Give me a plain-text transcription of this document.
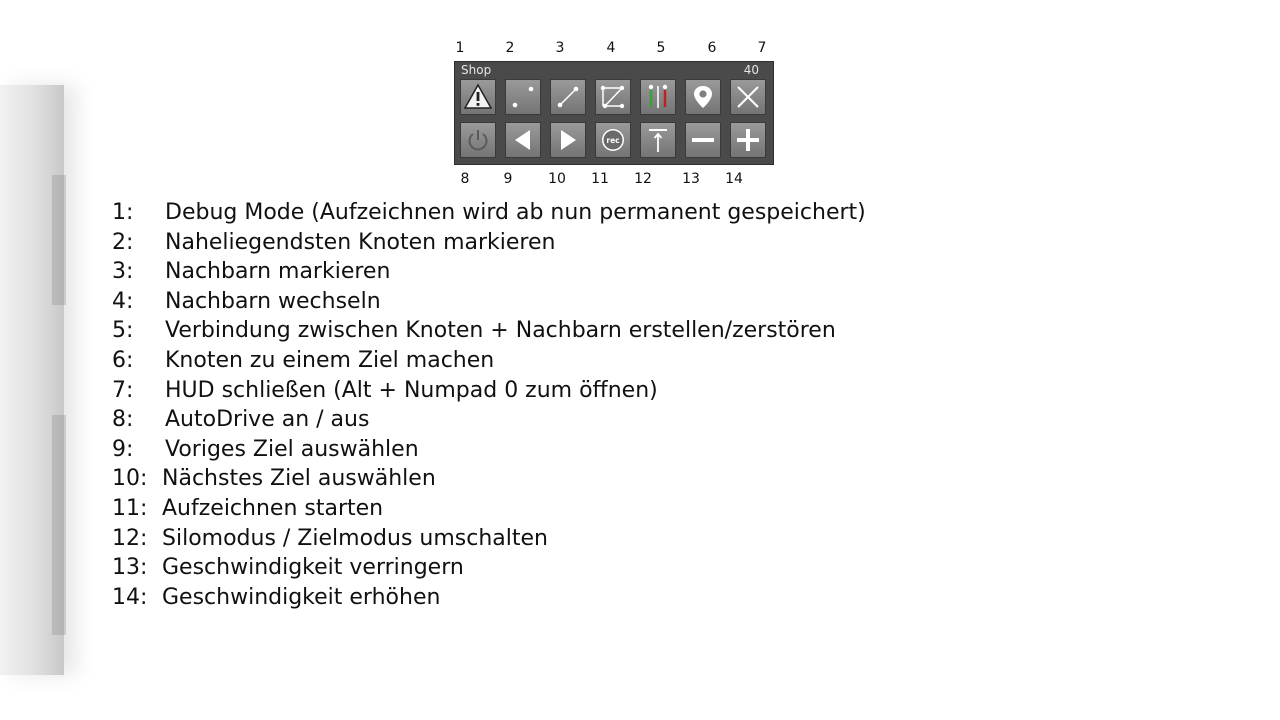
1	2	3	4	5	6	7
Shop	40
rec
8	9	10	11	12	13	14
1:	Debug Mode (Aufzeichnen wird ab nun permanent gespeichert)
2:	Naheliegendsten Knoten markieren
3:	Nachbarn markieren
4:	Nachbarn wechseln
5:	Verbindung zwischen Knoten + Nachbarn erstellen/zerstören
6:	Knoten zu einem Ziel machen
7:	HUD schließen (Alt + Numpad 0 zum öffnen)
8:	AutoDrive an / aus
9:	Voriges Ziel auswählen
10: Nächstes Ziel auswählen
11: Aufzeichnen starten
12: Silomodus / Zielmodus umschalten
13: Geschwindigkeit verringern
14: Geschwindigkeit erhöhen
